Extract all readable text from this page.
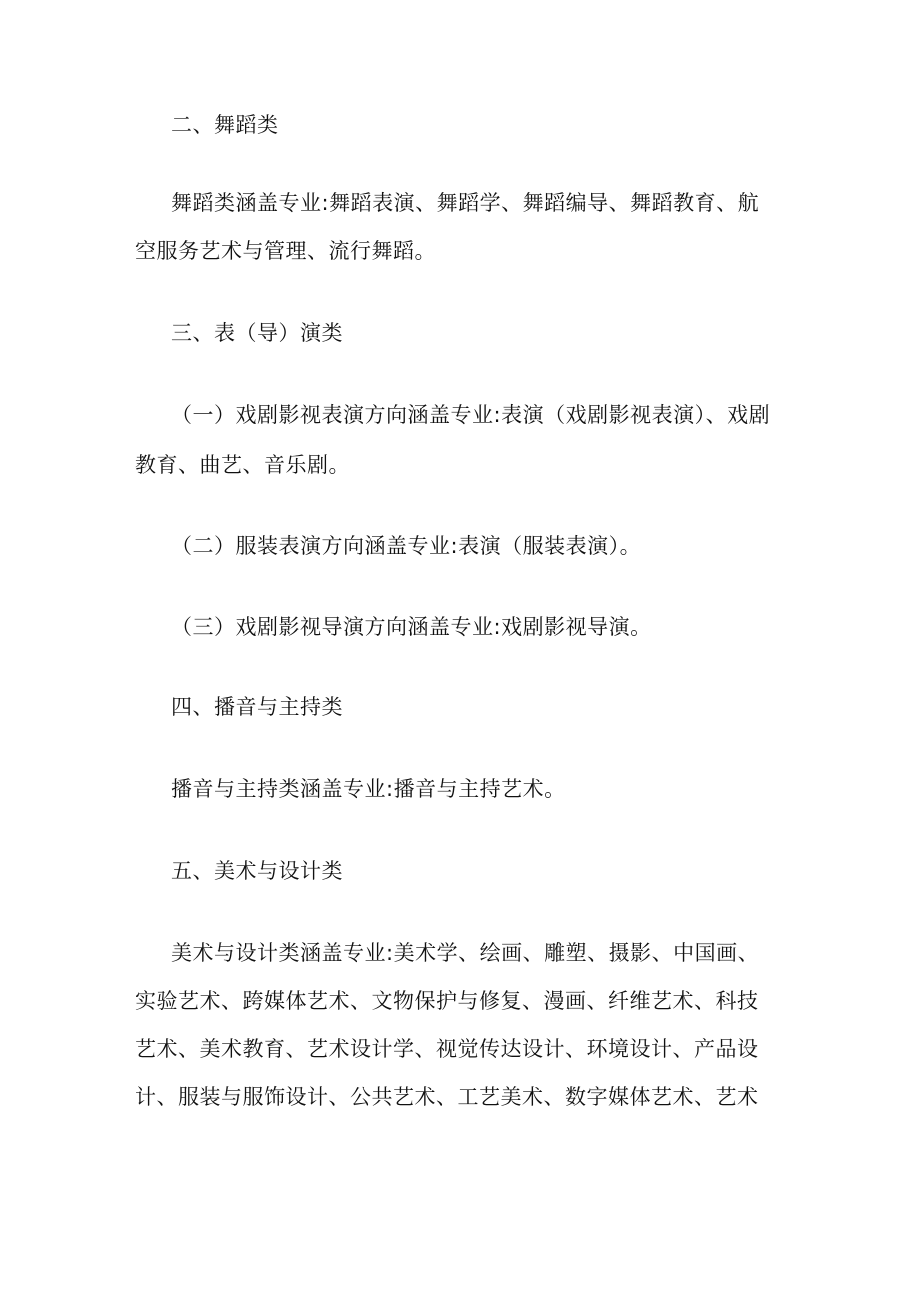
二、舞蹈类
舞蹈类涵盖专业:舞蹈表演、舞蹈学、舞蹈编导、舞蹈教育、航
空服务艺术与管理、流行舞蹈。
三、表（导）演类
（一）戏剧影视表演方向涵盖专业:表演（戏剧影视表演）、戏剧
教育、曲艺、音乐剧。
（二）服装表演方向涵盖专业:表演（服装表演）。
（三）戏剧影视导演方向涵盖专业:戏剧影视导演。
四、播音与主持类
播音与主持类涵盖专业:播音与主持艺术。
五、美术与设计类
美术与设计类涵盖专业:美术学、绘画、雕塑、摄影、中国画、
实验艺术、跨媒体艺术、文物保护与修复、漫画、纤维艺术、科技
艺术、美术教育、艺术设计学、视觉传达设计、环境设计、产品设
计、服装与服饰设计、公共艺术、工艺美术、数字媒体艺术、艺术
